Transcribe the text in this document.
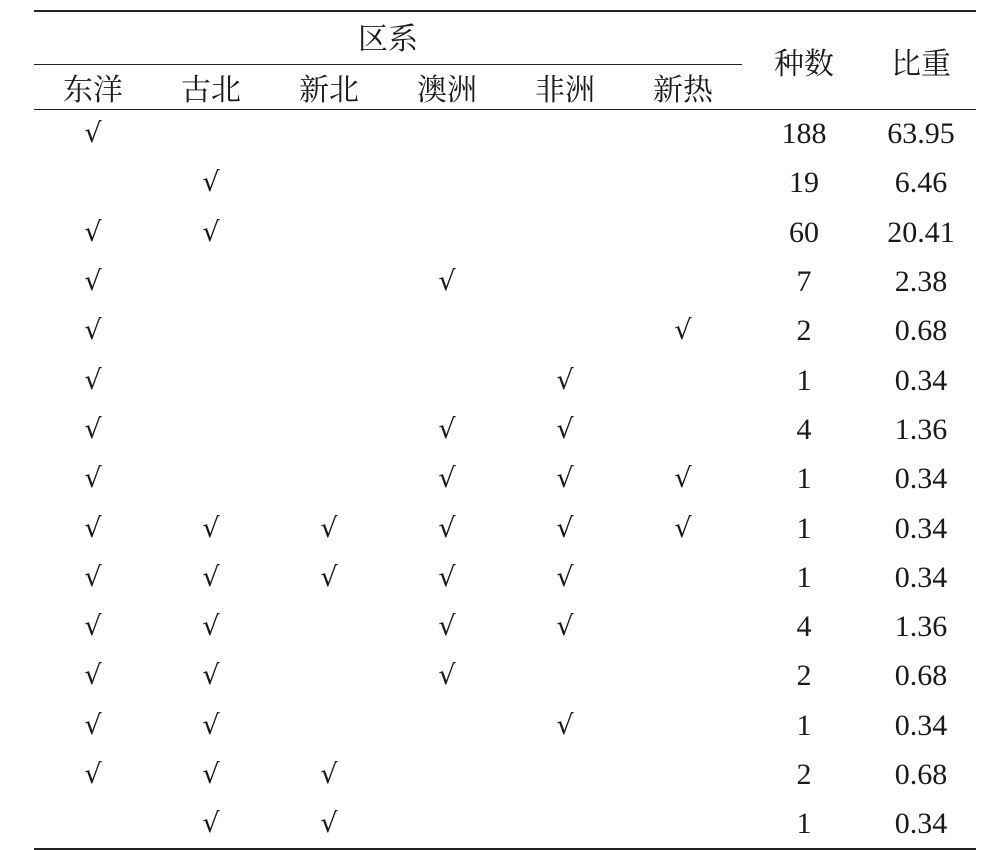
区系						种数	比重
东洋	古北	新北	澳洲	非洲	新热		
√						188	63.95
	√					19	6.46
√	√					60	20.41
√			√			7	2.38
√					√	2	0.68
√				√		1	0.34
√			√	√		4	1.36
√			√	√	√	1	0.34
√	√	√	√	√	√	1	0.34
√	√	√	√	√		1	0.34
√	√		√	√		4	1.36
√	√		√			2	0.68
√	√			√		1	0.34
√	√	√				2	0.68
	√	√				1	0.34
